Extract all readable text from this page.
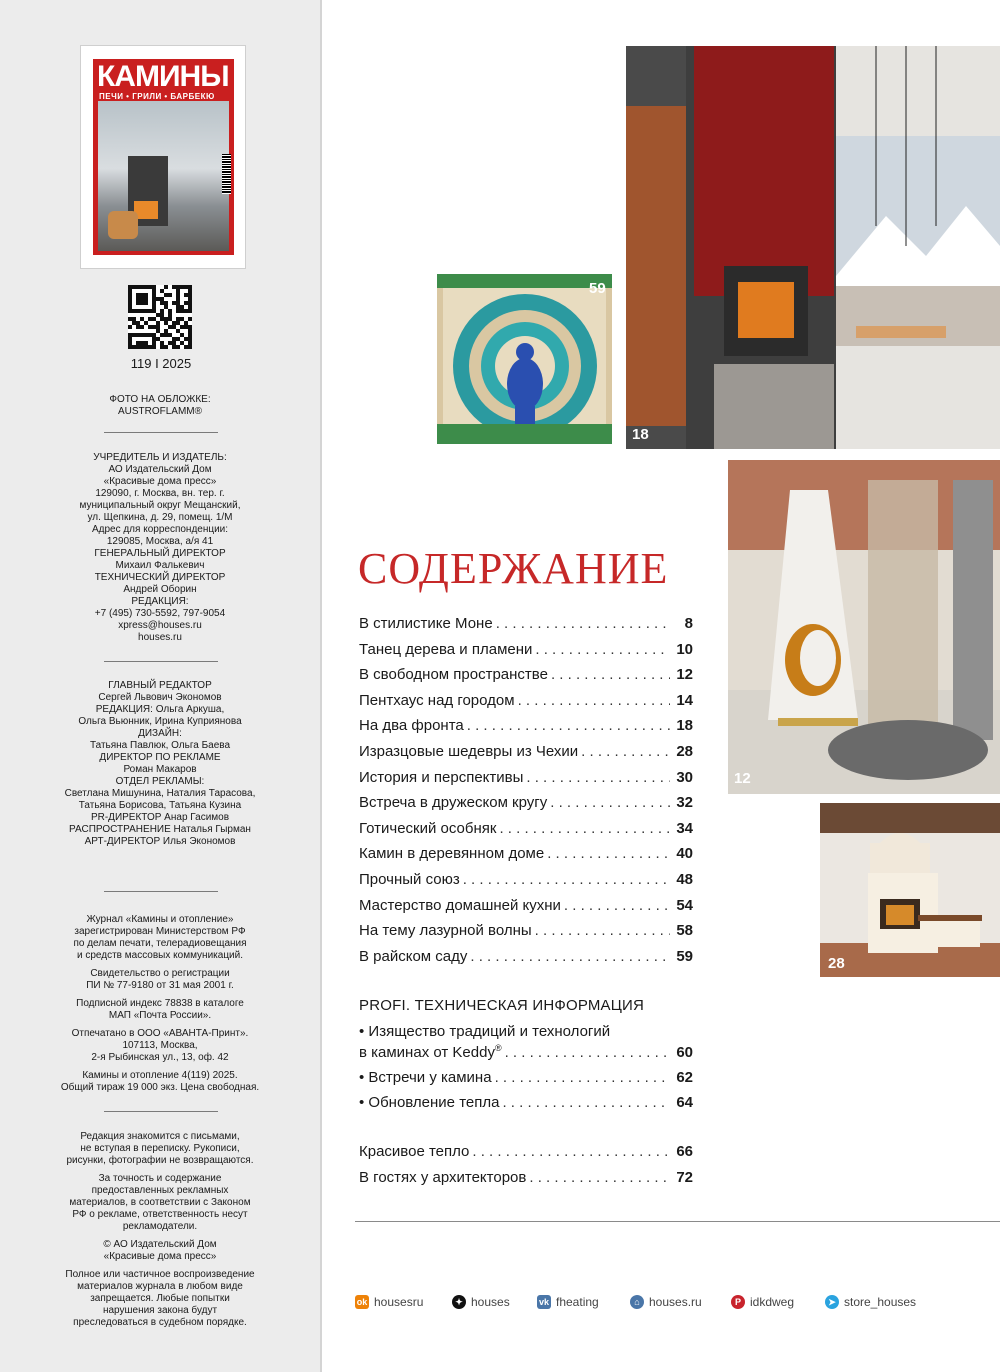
КАМИНЫ
ПЕЧИ • ГРИЛИ • БАРБЕКЮ
119 I 2025
ФОТО НА ОБЛОЖКЕ:
AUSTROFLAMM®
УЧРЕДИТЕЛЬ И ИЗДАТЕЛЬ:
АО Издательский Дом
«Красивые дома пресс»
129090, г. Москва, вн. тер. г.
муниципальный округ Мещанский,
ул. Щепкина, д. 29, помещ. 1/М
Адрес для корреспонденции:
129085, Москва, а/я 41
ГЕНЕРАЛЬНЫЙ ДИРЕКТОР
Михаил Фалькевич
ТЕХНИЧЕСКИЙ ДИРЕКТОР
Андрей Оборин
РЕДАКЦИЯ:
+7 (495) 730-5592, 797-9054
xpress@houses.ru
houses.ru
ГЛАВНЫЙ РЕДАКТОР
Сергей Львович Экономов
РЕДАКЦИЯ: Ольга Аркуша,
Ольга Вьюнник, Ирина Куприянова
ДИЗАЙН:
Татьяна Павлюк, Ольга Баева
ДИРЕКТОР ПО РЕКЛАМЕ
Роман Макаров
ОТДЕЛ РЕКЛАМЫ:
Светлана Мишунина, Наталия Тарасова,
Татьяна Борисова, Татьяна Кузина
PR-ДИРЕКТОР Анар Гасимов
РАСПРОСТРАНЕНИЕ Наталья Гырман
АРТ-ДИРЕКТОР Илья Экономов
Журнал «Камины и отопление»
зарегистрирован Министерством РФ
по делам печати, телерадиовещания
и средств массовых коммуникаций.
Свидетельство о регистрации
ПИ № 77-9180 от 31 мая 2001 г.
Подписной индекс 78838 в каталоге
МАП «Почта России».
Отпечатано в ООО «АВАНТА-Принт».
107113, Москва,
2-я Рыбинская ул., 13, оф. 42
Камины и отопление 4(119) 2025.
Общий тираж 19 000 экз. Цена свободная.
Редакция знакомится с письмами,
не вступая в переписку. Рукописи,
рисунки, фотографии не возвращаются.
За точность и содержание
предоставленных рекламных
материалов, в соответствии с Законом
РФ о рекламе, ответственность несут
рекламодатели.
© АО Издательский Дом
«Красивые дома пресс»
Полное или частичное воспроизведение
материалов журнала в любом виде
запрещается. Любые попытки
нарушения закона будут
преследоваться в судебном порядке.
59
18
12
28
СОДЕРЖАНИЕ
В стилистике Моне . . .	8
Танец дерева и пламени . . .	10
В свободном пространстве . . .	12
Пентхаус над городом . . .	14
На два фронта . . .	18
Изразцовые шедевры из Чехии . . .	28
История и перспективы . . .	30
Встреча в дружеском кругу . . .	32
Готический особняк . . .	34
Камин в деревянном доме . . .	40
Прочный союз . . .	48
Мастерство домашней кухни . . .	54
На тему лазурной волны . . .	58
В райском саду . . .	59
PROFI. ТЕХНИЧЕСКАЯ ИНФОРМАЦИЯ
• Изящество традиций и технологий
в каминах от Keddy® . . .	60
• Встречи у камина . . .	62
• Обновление тепла . . .	64
Красивое тепло . . .	66
В гостях у архитекторов . . .	72
ok housesru	✦ houses	vk fheating	⌂ houses.ru	P idkdweg	➤ store_houses
